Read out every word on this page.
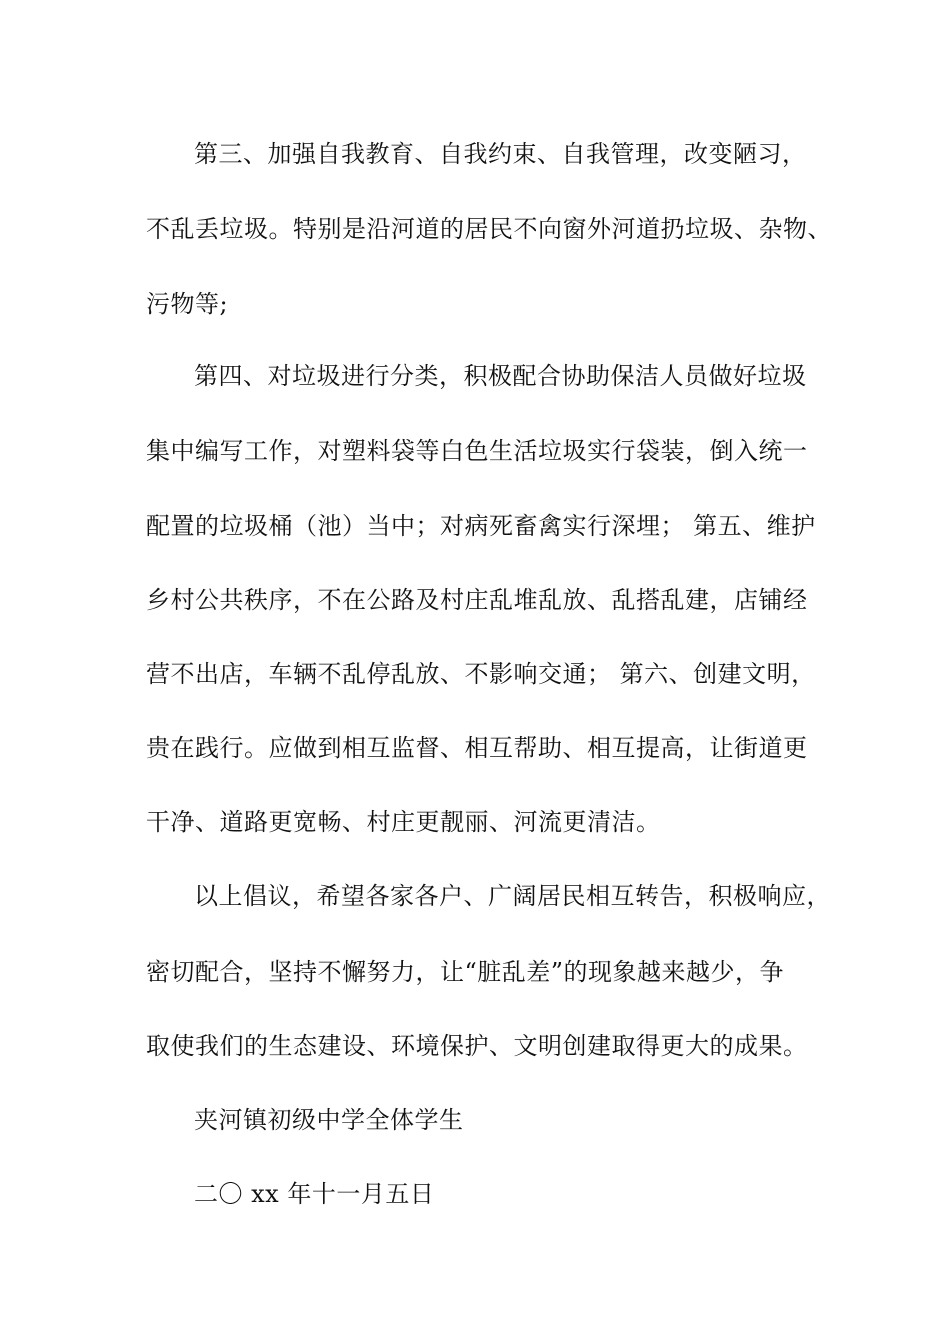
第三、加强自我教育、自我约束、自我管理，改变陋习，
不乱丢垃圾。特别是沿河道的居民不向窗外河道扔垃圾、杂物、
污物等;
第四、对垃圾进行分类，积极配合协助保洁人员做好垃圾
集中编写工作，对塑料袋等白色生活垃圾实行袋装，倒入统一
配置的垃圾桶（池）当中；对病死畜禽实行深埋； 第五、维护
乡村公共秩序，不在公路及村庄乱堆乱放、乱搭乱建，店铺经
营不出店，车辆不乱停乱放、不影响交通； 第六、创建文明，
贵在践行。应做到相互监督、相互帮助、相互提高，让街道更
干净、道路更宽畅、村庄更靓丽、河流更清洁。
以上倡议，希望各家各户、广阔居民相互转告，积极响应，
密切配合，坚持不懈努力，让“脏乱差”的现象越来越少，争
取使我们的生态建设、环境保护、文明创建取得更大的成果。
夹河镇初级中学全体学生
二〇 xx 年十一月五日
